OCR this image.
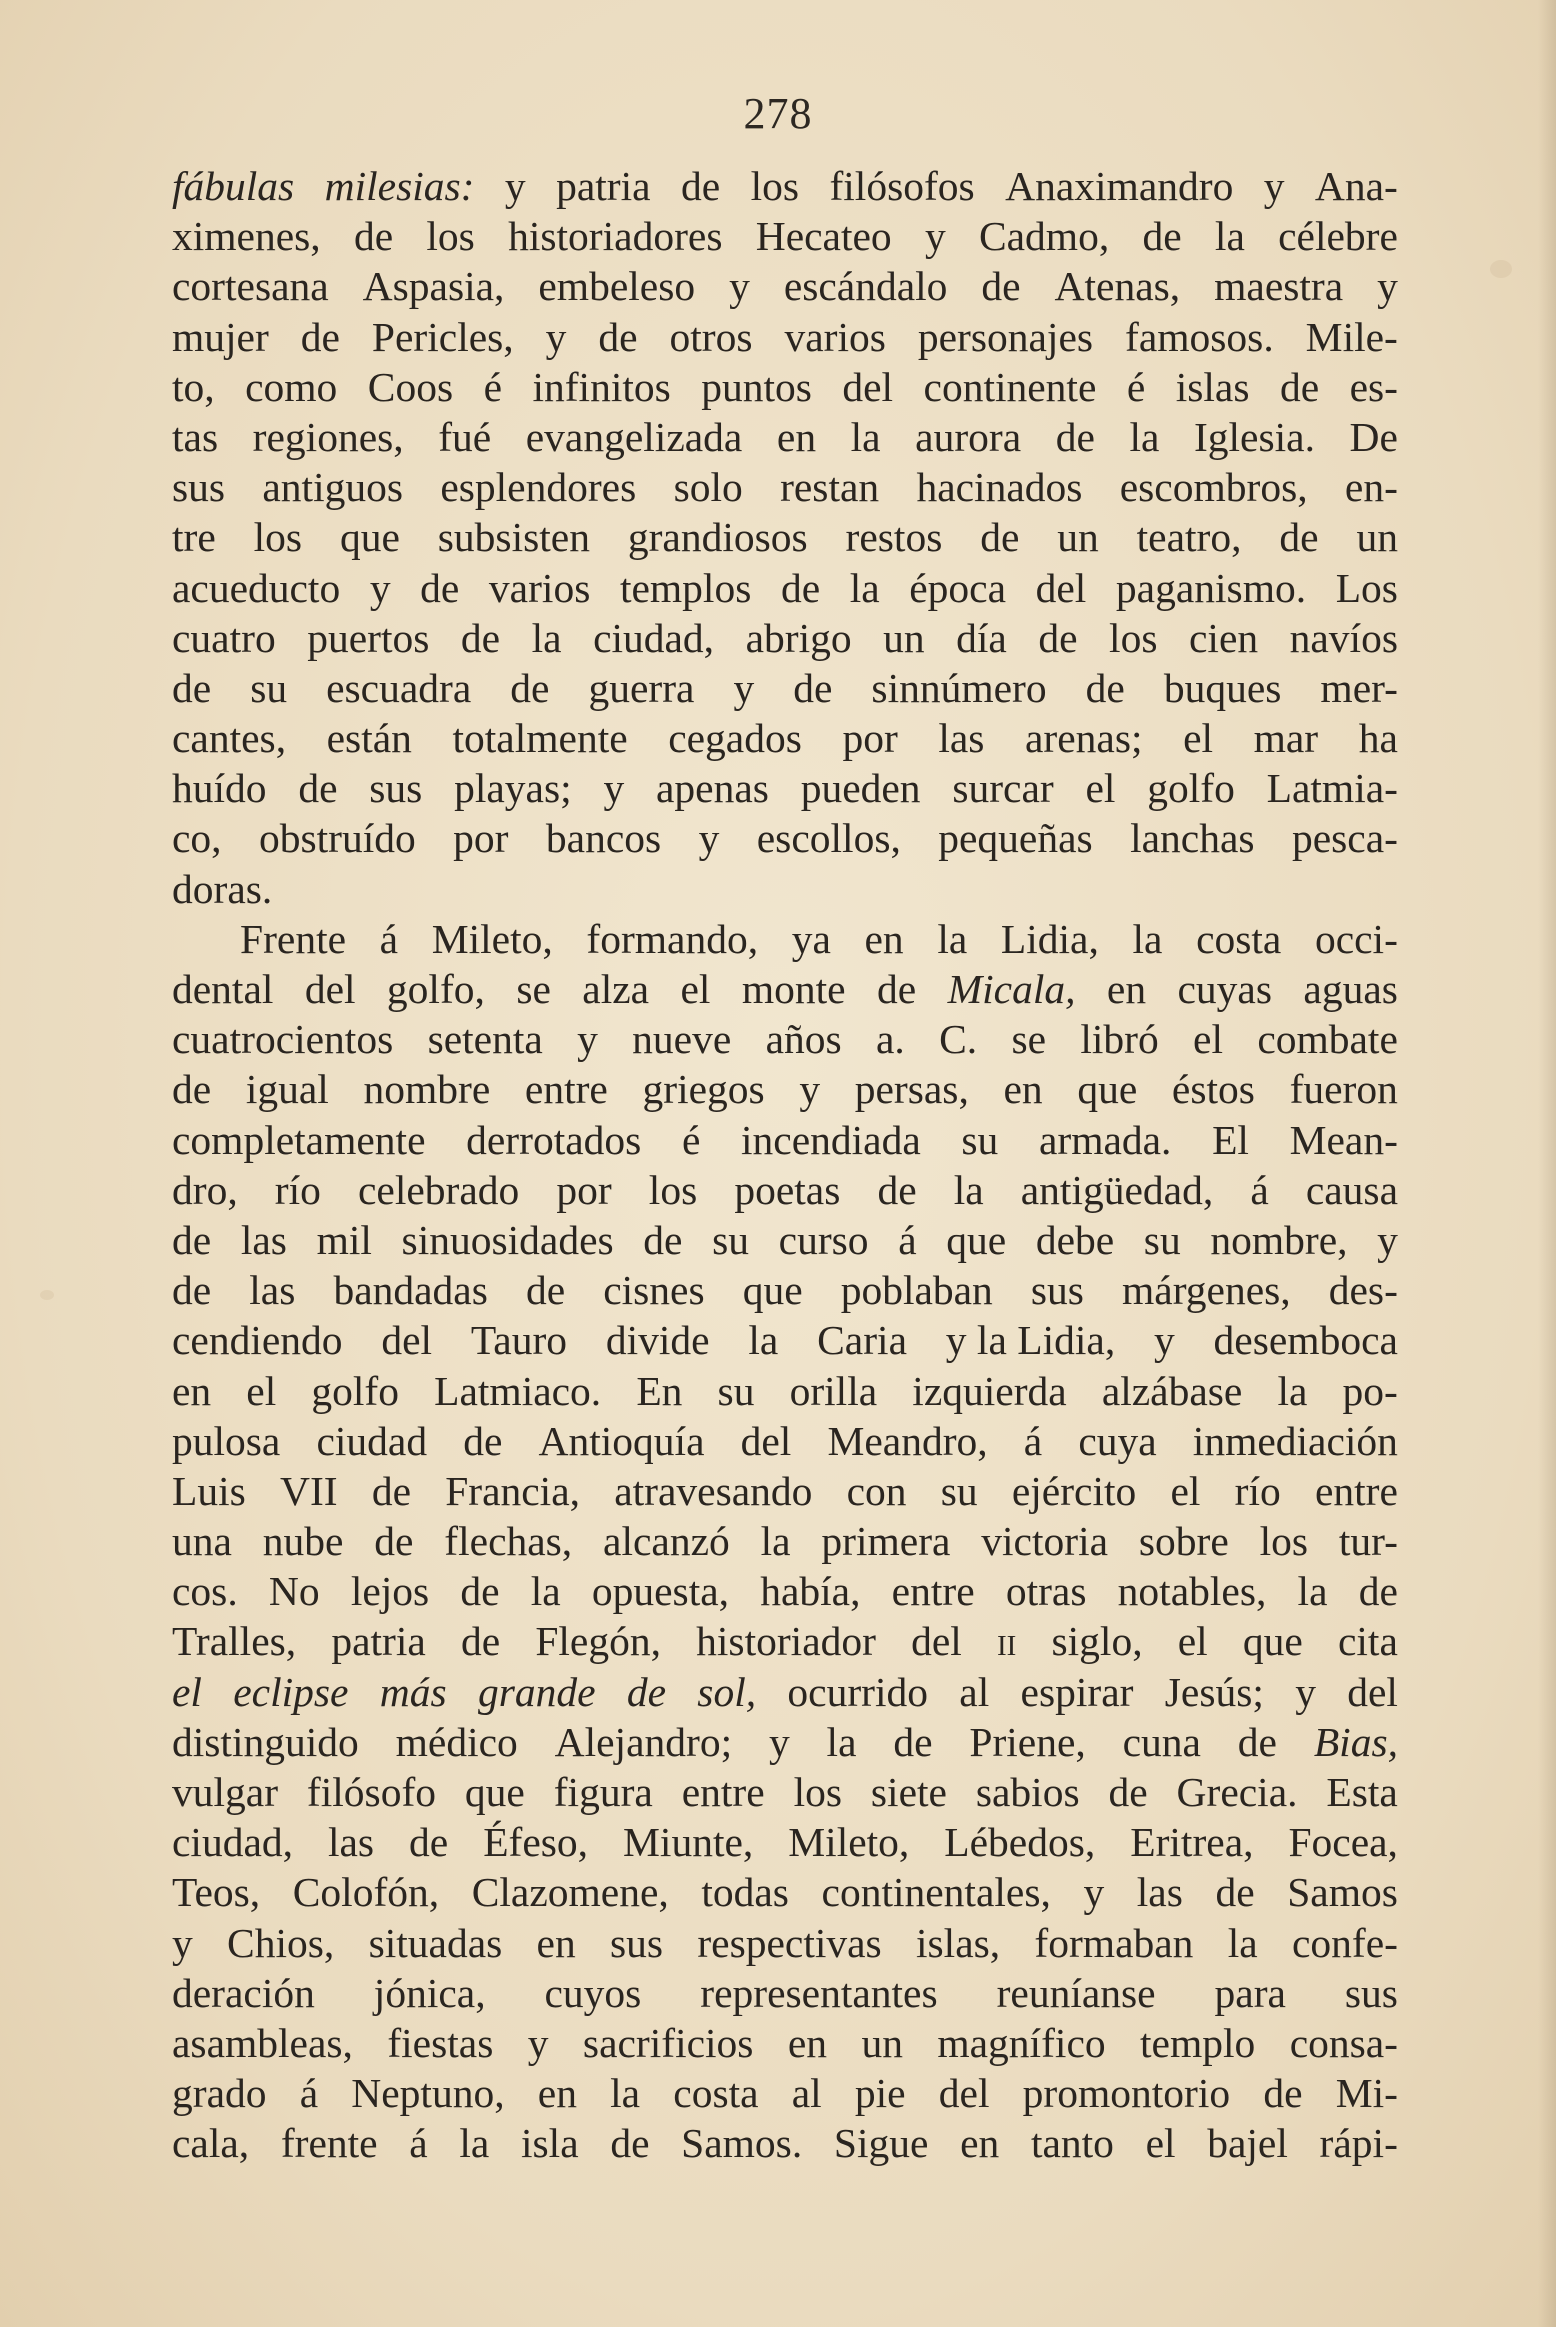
278
fábulas milesias: y patria de los filósofos Anaximandro y Ana-
ximenes, de los historiadores Hecateo y Cadmo, de la célebre
cortesana Aspasia, embeleso y escándalo de Atenas, maestra y
mujer de Pericles, y de otros varios personajes famosos. Mile-
to, como Coos é infinitos puntos del continente é islas de es-
tas regiones, fué evangelizada en la aurora de la Iglesia. De
sus antiguos esplendores solo restan hacinados escombros, en-
tre los que subsisten grandiosos restos de un teatro, de un
acueducto y de varios templos de la época del paganismo. Los
cuatro puertos de la ciudad, abrigo un día de los cien navíos
de su escuadra de guerra y de sinnúmero de buques mer-
cantes, están totalmente cegados por las arenas; el mar ha
huído de sus playas; y apenas pueden surcar el golfo Latmia-
co, obstruído por bancos y escollos, pequeñas lanchas pesca-
doras.
Frente á Mileto, formando, ya en la Lidia, la costa occi-
dental del golfo, se alza el monte de Micala, en cuyas aguas
cuatrocientos setenta y nueve años a. C. se libró el combate
de igual nombre entre griegos y persas, en que éstos fueron
completamente derrotados é incendiada su armada. El Mean-
dro, río celebrado por los poetas de la antigüedad, á causa
de las mil sinuosidades de su curso á que debe su nombre, y
de las bandadas de cisnes que poblaban sus márgenes, des-
cendiendo del Tauro divide la Caria y la Lidia, y desemboca
en el golfo Latmiaco. En su orilla izquierda alzábase la po-
pulosa ciudad de Antioquía del Meandro, á cuya inmediación
Luis VII de Francia, atravesando con su ejército el río entre
una nube de flechas, alcanzó la primera victoria sobre los tur-
cos. No lejos de la opuesta, había, entre otras notables, la de
Tralles, patria de Flegón, historiador del ii siglo, el que cita
el eclipse más grande de sol, ocurrido al espirar Jesús; y del
distinguido médico Alejandro; y la de Priene, cuna de Bias,
vulgar filósofo que figura entre los siete sabios de Grecia. Esta
ciudad, las de Éfeso, Miunte, Mileto, Lébedos, Eritrea, Focea,
Teos, Colofón, Clazomene, todas continentales, y las de Samos
y Chios, situadas en sus respectivas islas, formaban la confe-
deración jónica, cuyos representantes reuníanse para sus
asambleas, fiestas y sacrificios en un magnífico templo consa-
grado á Neptuno, en la costa al pie del promontorio de Mi-
cala, frente á la isla de Samos. Sigue en tanto el bajel rápi-
